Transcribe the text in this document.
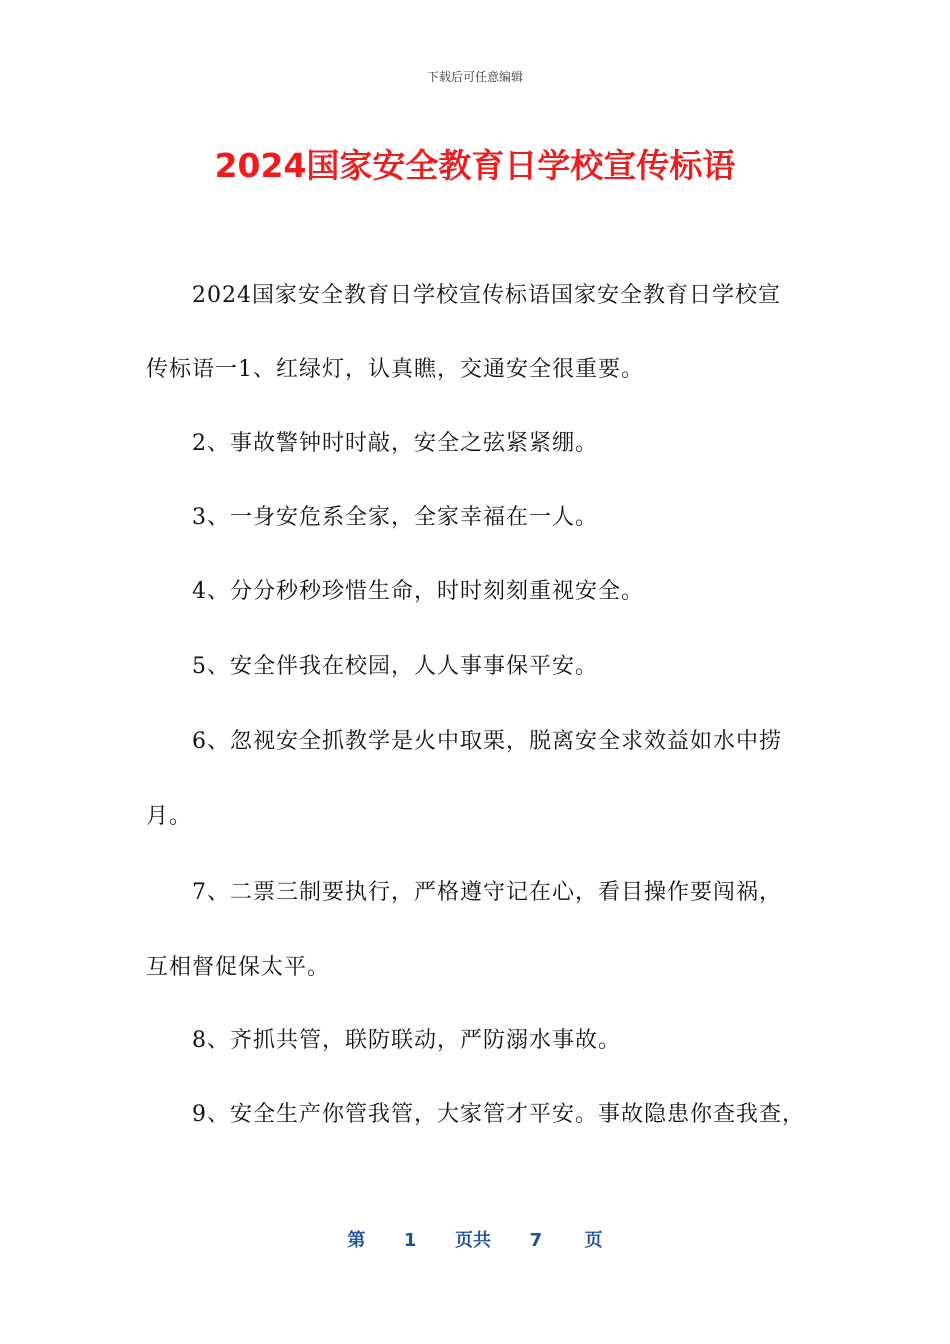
下载后可任意编辑
2024国家安全教育日学校宣传标语

2024国家安全教育日学校宣传标语国家安全教育日学校宣

传标语一1、红绿灯，认真瞧，交通安全很重要。

2、事故警钟时时敲，安全之弦紧紧绷。

3、一身安危系全家，全家幸福在一人。

4、分分秒秒珍惜生命，时时刻刻重视安全。

5、安全伴我在校园，人人事事保平安。

6、忽视安全抓教学是火中取栗，脱离安全求效益如水中捞

月。

7、二票三制要执行，严格遵守记在心，看目操作要闯祸，

互相督促保太平。

8、齐抓共管，联防联动，严防溺水事故。

9、安全生产你管我管，大家管才平安。事故隐患你查我查，

第 1 页共 7 页
